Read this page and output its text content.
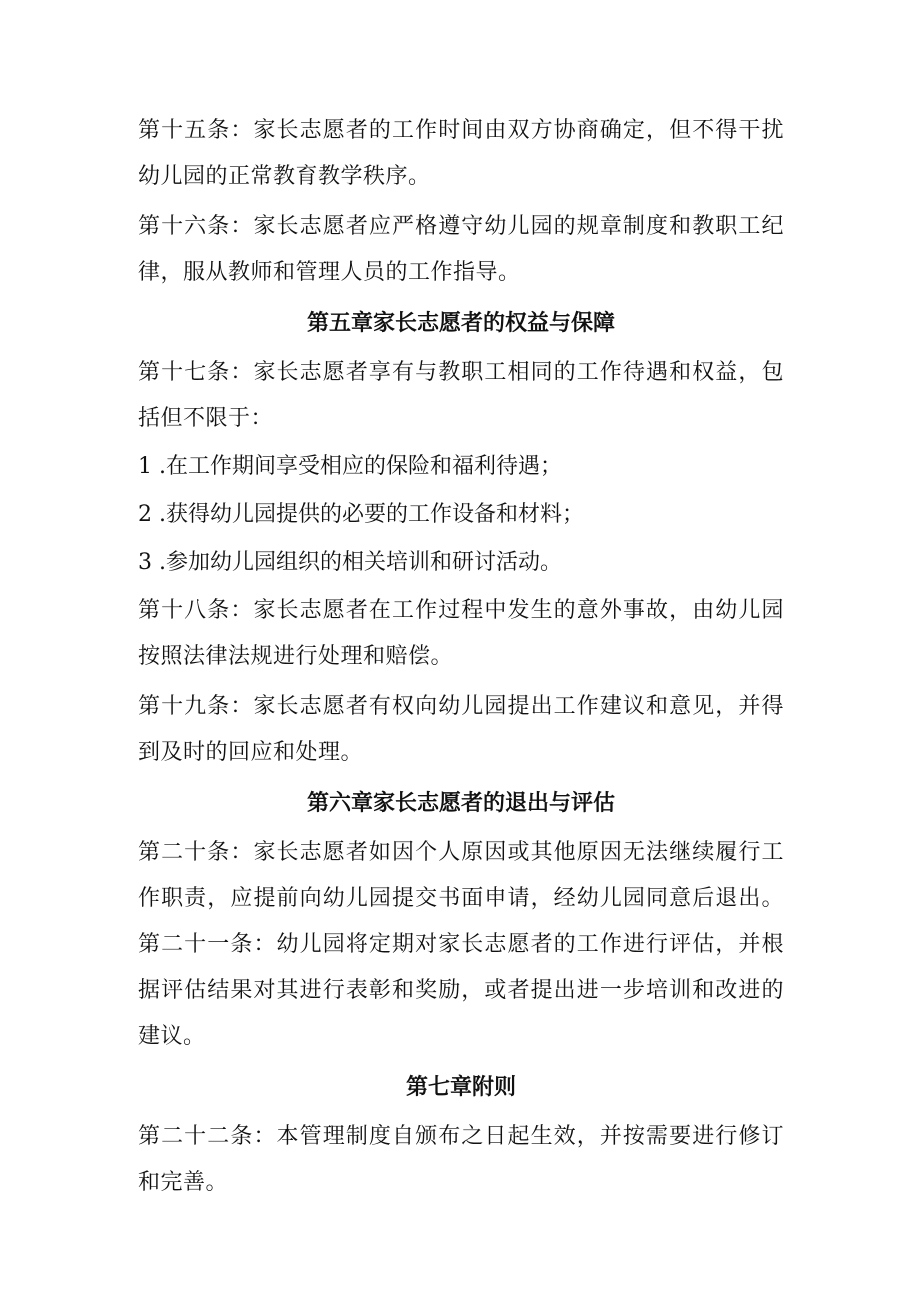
第十五条：家长志愿者的工作时间由双方协商确定，但不得干扰 幼儿园的正常教育教学秩序。

第十六条：家长志愿者应严格遵守幼儿园的规章制度和教职工纪 律，服从教师和管理人员的工作指导。

第五章家长志愿者的权益与保障

第十七条：家长志愿者享有与教职工相同的工作待遇和权益，包 括但不限于：

1 .在工作期间享受相应的保险和福利待遇；
2 .获得幼儿园提供的必要的工作设备和材料；
3 .参加幼儿园组织的相关培训和研讨活动。

第十八条：家长志愿者在工作过程中发生的意外事故，由幼儿园 按照法律法规进行处理和赔偿。

第十九条：家长志愿者有权向幼儿园提出工作建议和意见，并得 到及时的回应和处理。

第六章家长志愿者的退出与评估

第二十条：家长志愿者如因个人原因或其他原因无法继续履行工 作职责，应提前向幼儿园提交书面申请，经幼儿园同意后退出。 第二十一条：幼儿园将定期对家长志愿者的工作进行评估，并根 据评估结果对其进行表彰和奖励，或者提出进一步培训和改进的 建议。

第七章附则

第二十二条：本管理制度自颁布之日起生效，并按需要进行修订 和完善。
